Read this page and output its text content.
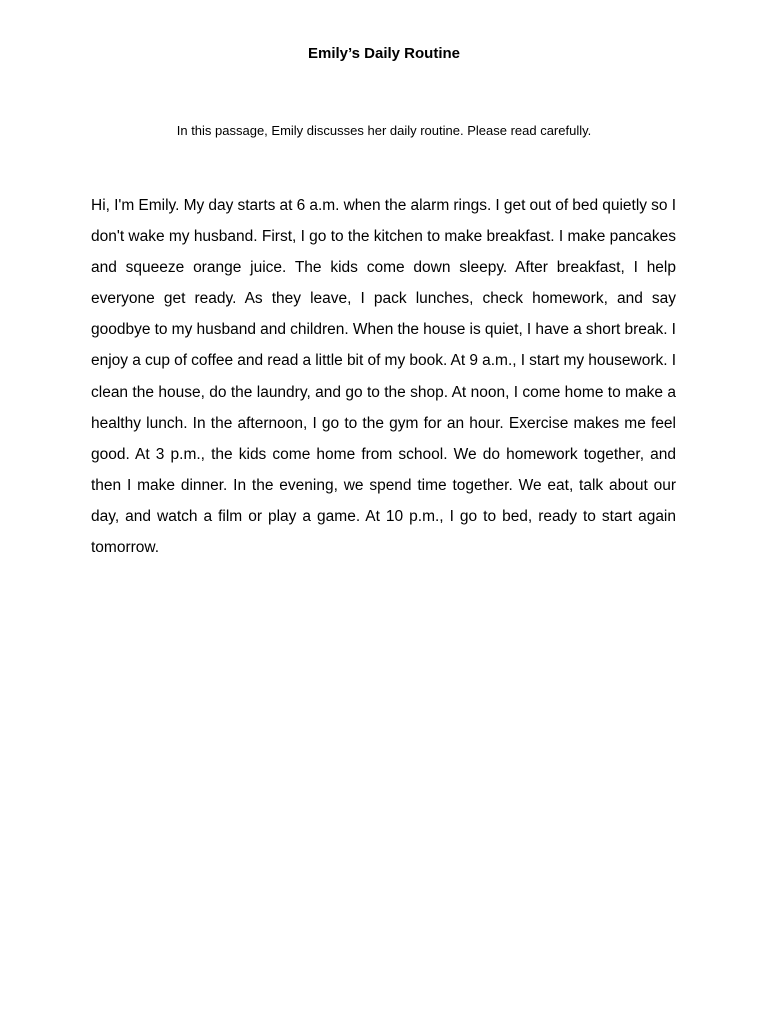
Emily’s Daily Routine

In this passage, Emily discusses her daily routine. Please read carefully.

Hi, I'm Emily. My day starts at 6 a.m. when the alarm rings. I get out of bed quietly so I don't wake my husband. First, I go to the kitchen to make breakfast. I make pancakes and squeeze orange juice. The kids come down sleepy. After breakfast, I help everyone get ready. As they leave, I pack lunches, check homework, and say goodbye to my husband and children. When the house is quiet, I have a short break. I enjoy a cup of coffee and read a little bit of my book. At 9 a.m., I start my housework. I clean the house, do the laundry, and go to the shop. At noon, I come home to make a healthy lunch. In the afternoon, I go to the gym for an hour. Exercise makes me feel good. At 3 p.m., the kids come home from school. We do homework together, and then I make dinner. In the evening, we spend time together. We eat, talk about our day, and watch a film or play a game. At 10 p.m., I go to bed, ready to start again tomorrow.
